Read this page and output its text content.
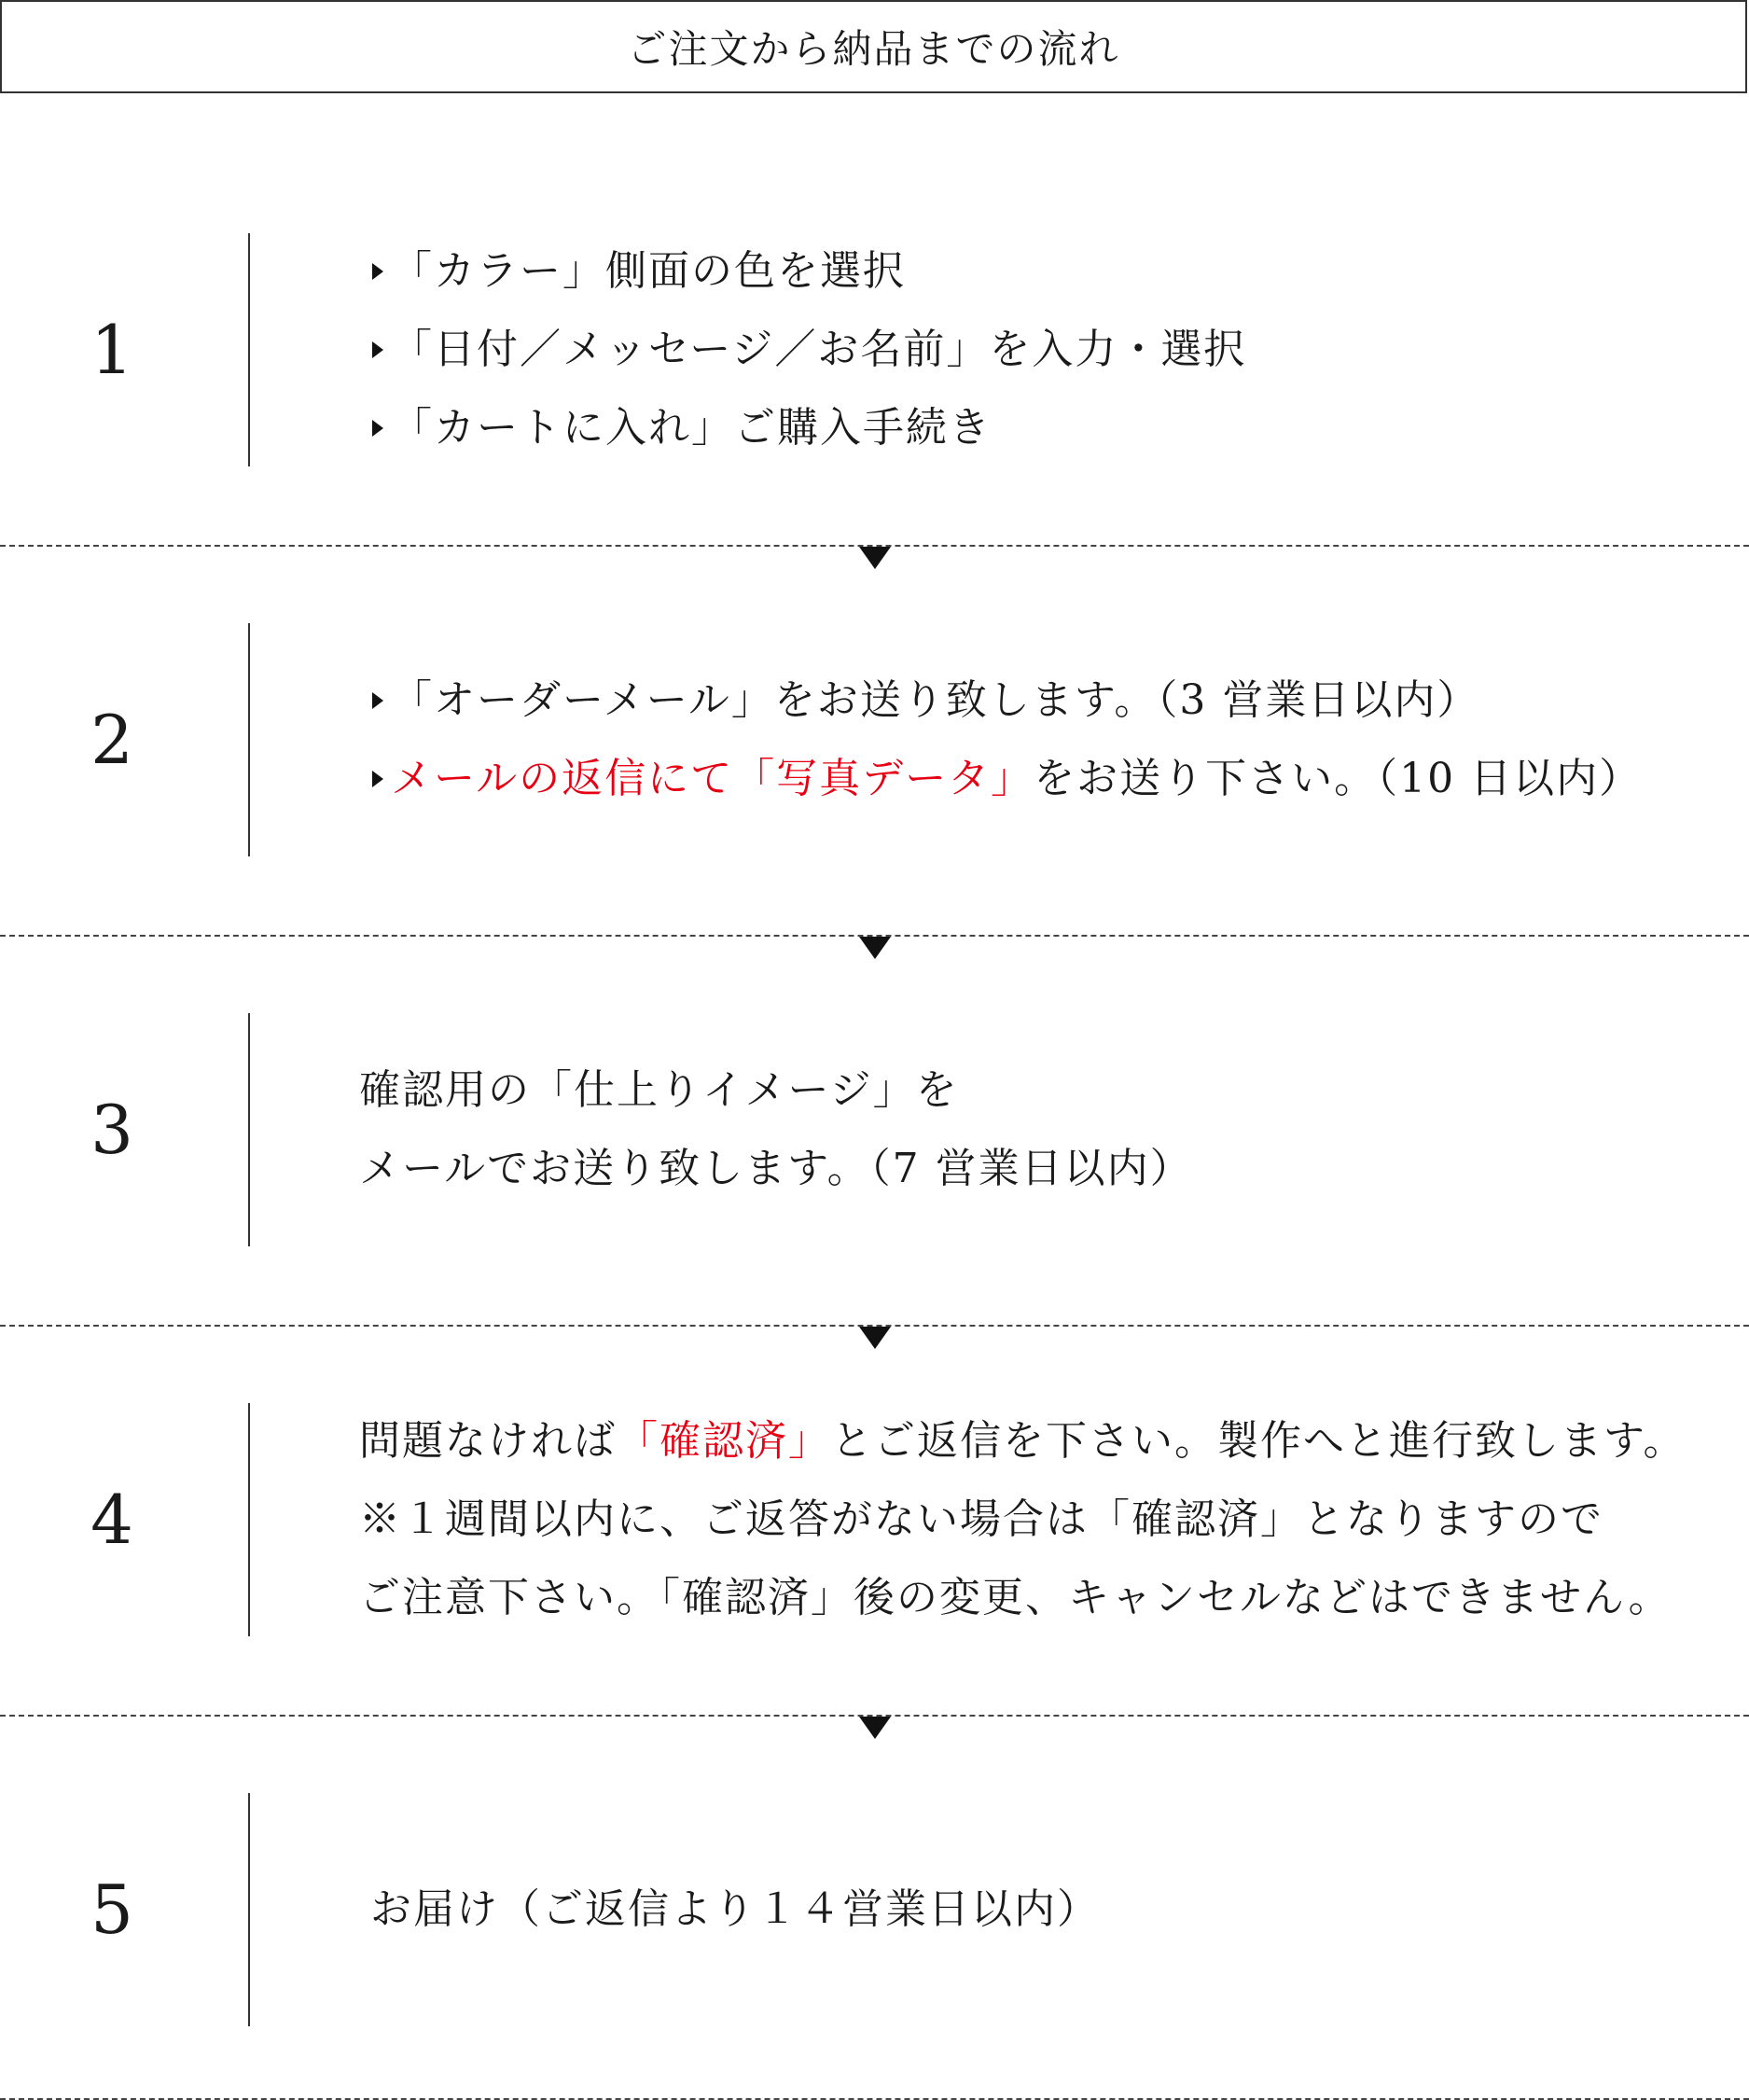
ご注文から納品までの流れ
1
「カラー」側面の色を選択
「日付／メッセージ／お名前」を入力・選択
「カートに入れ」ご購入手続き
2
「オーダーメール」をお送り致します。（3 営業日以内）
メールの返信にて「写真データ」をお送り下さい。（10 日以内）
3
確認用の「仕上りイメージ」を
メールでお送り致します。（7 営業日以内）
4
問題なければ「確認済」とご返信を下さい。製作へと進行致します。
※１週間以内に、ご返答がない場合は「確認済」となりますので
ご注意下さい。「確認済」後の変更、キャンセルなどはできません。
5	お届け（ご返信より１４営業日以内）
